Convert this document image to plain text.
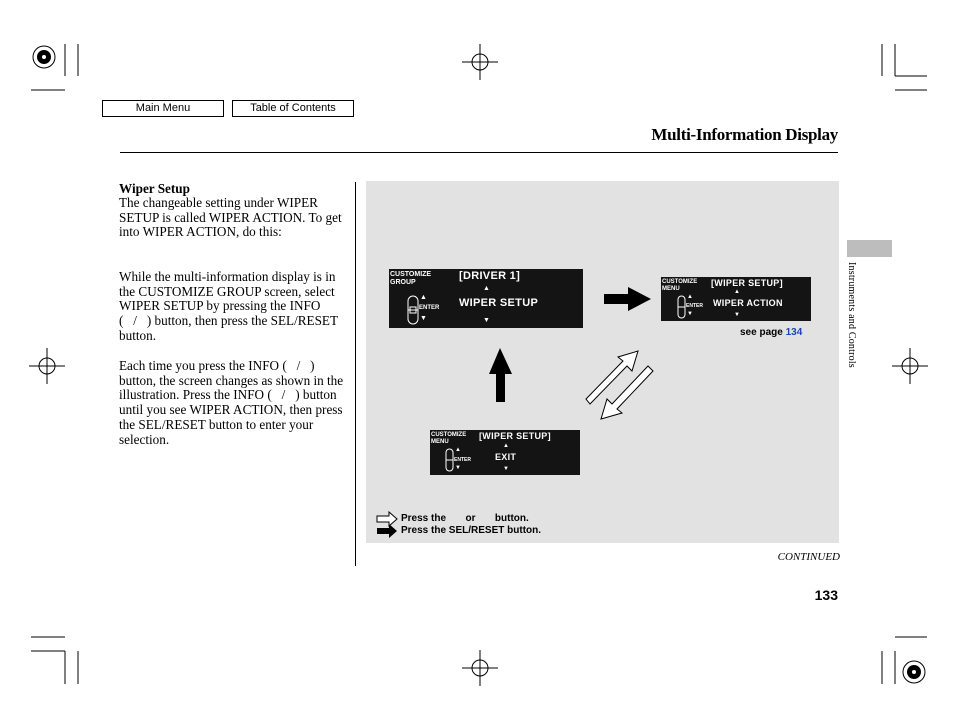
Main Menu	Table of Contents
Multi-Information Display
Wiper Setup

The changeable setting under WIPER SETUP is called WIPER ACTION. To get into WIPER ACTION, do this:

While the multi-information display is in the CUSTOMIZE GROUP screen, select WIPER SETUP by pressing the INFO (   /   ) button, then press the SEL/RESET button.

Each time you press the INFO (   /   ) button, the screen changes as shown in the illustration. Press the INFO (   /   ) button until you see WIPER ACTION, then press the SEL/RESET button to enter your selection.

CUSTOMIZE
GROUP
▲
ENTER
▼
[DRIVER 1]
▲
WIPER SETUP
▼
CUSTOMIZE
MENU
▲
ENTER
▼
[WIPER SETUP]
▲
WIPER ACTION
▼
see page 134
CUSTOMIZE
MENU
▲
ENTER
▼
[WIPER SETUP]
▲
EXIT
▼
Press the       or       button.
Press the SEL/RESET button.
Instruments and Controls
CONTINUED
133
